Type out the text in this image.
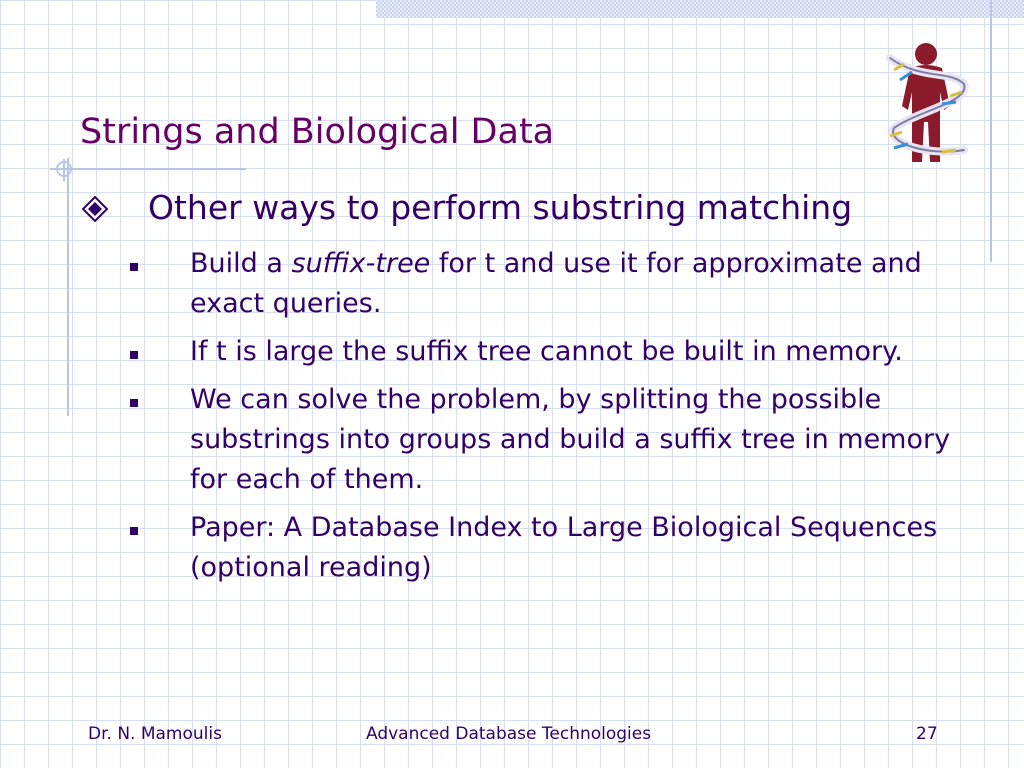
Strings and Biological Data
Other ways to perform substring matching
Build a suffix-tree for t and use it for approximate and exact queries.
If t is large the suffix tree cannot be built in memory.
We can solve the problem, by splitting the possible substrings into groups and build a suffix tree in memory for each of them.
Paper: A Database Index to Large Biological Sequences (optional reading)
Dr. N. Mamoulis	Advanced Database Technologies	27
